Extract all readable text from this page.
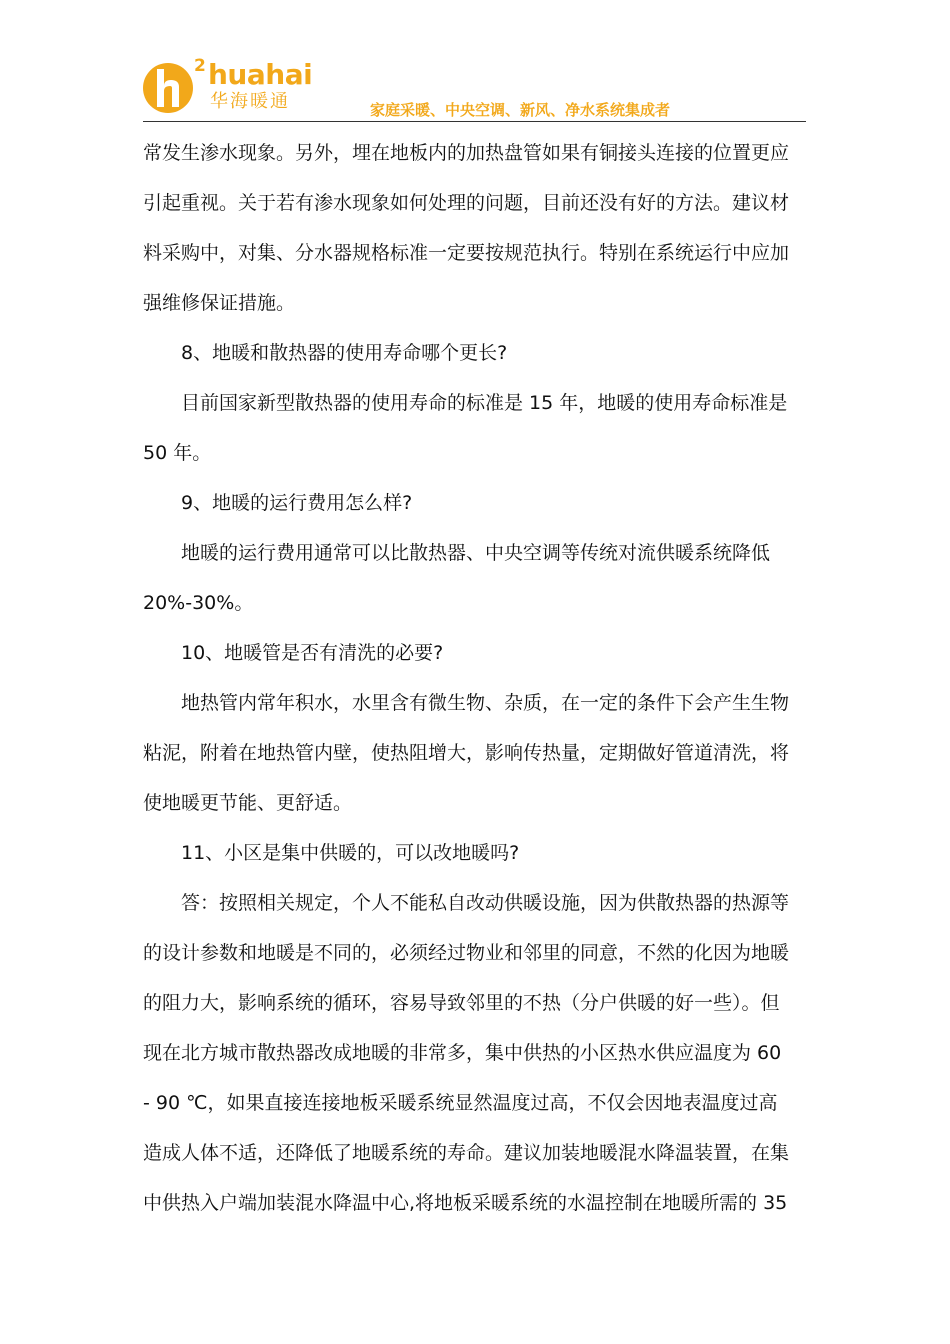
2 huahai
华海暖通	家庭采暖、中央空调、新风、净水系统集成者
常发生渗水现象。另外，埋在地板内的加热盘管如果有铜接头连接的位置更应
引起重视。关于若有渗水现象如何处理的问题，目前还没有好的方法。建议材
料采购中，对集、分水器规格标准一定要按规范执行。特别在系统运行中应加
强维修保证措施。
8、地暖和散热器的使用寿命哪个更长?
目前国家新型散热器的使用寿命的标准是 15 年，地暖的使用寿命标准是
50 年。
9、地暖的运行费用怎么样?
地暖的运行费用通常可以比散热器、中央空调等传统对流供暖系统降低
20%-30%。
10、地暖管是否有清洗的必要?
地热管内常年积水，水里含有微生物、杂质，在一定的条件下会产生生物
粘泥，附着在地热管内壁，使热阻增大，影响传热量，定期做好管道清洗，将
使地暖更节能、更舒适。
11、小区是集中供暖的，可以改地暖吗?
答：按照相关规定，个人不能私自改动供暖设施，因为供散热器的热源等
的设计参数和地暖是不同的，必须经过物业和邻里的同意，不然的化因为地暖
的阻力大，影响系统的循环，容易导致邻里的不热（分户供暖的好一些）。但
现在北方城市散热器改成地暖的非常多，集中供热的小区热水供应温度为 60
- 90 ℃，如果直接连接地板采暖系统显然温度过高，不仅会因地表温度过高
造成人体不适，还降低了地暖系统的寿命。建议加装地暖混水降温装置，在集
中供热入户端加装混水降温中心,将地板采暖系统的水温控制在地暖所需的 35
